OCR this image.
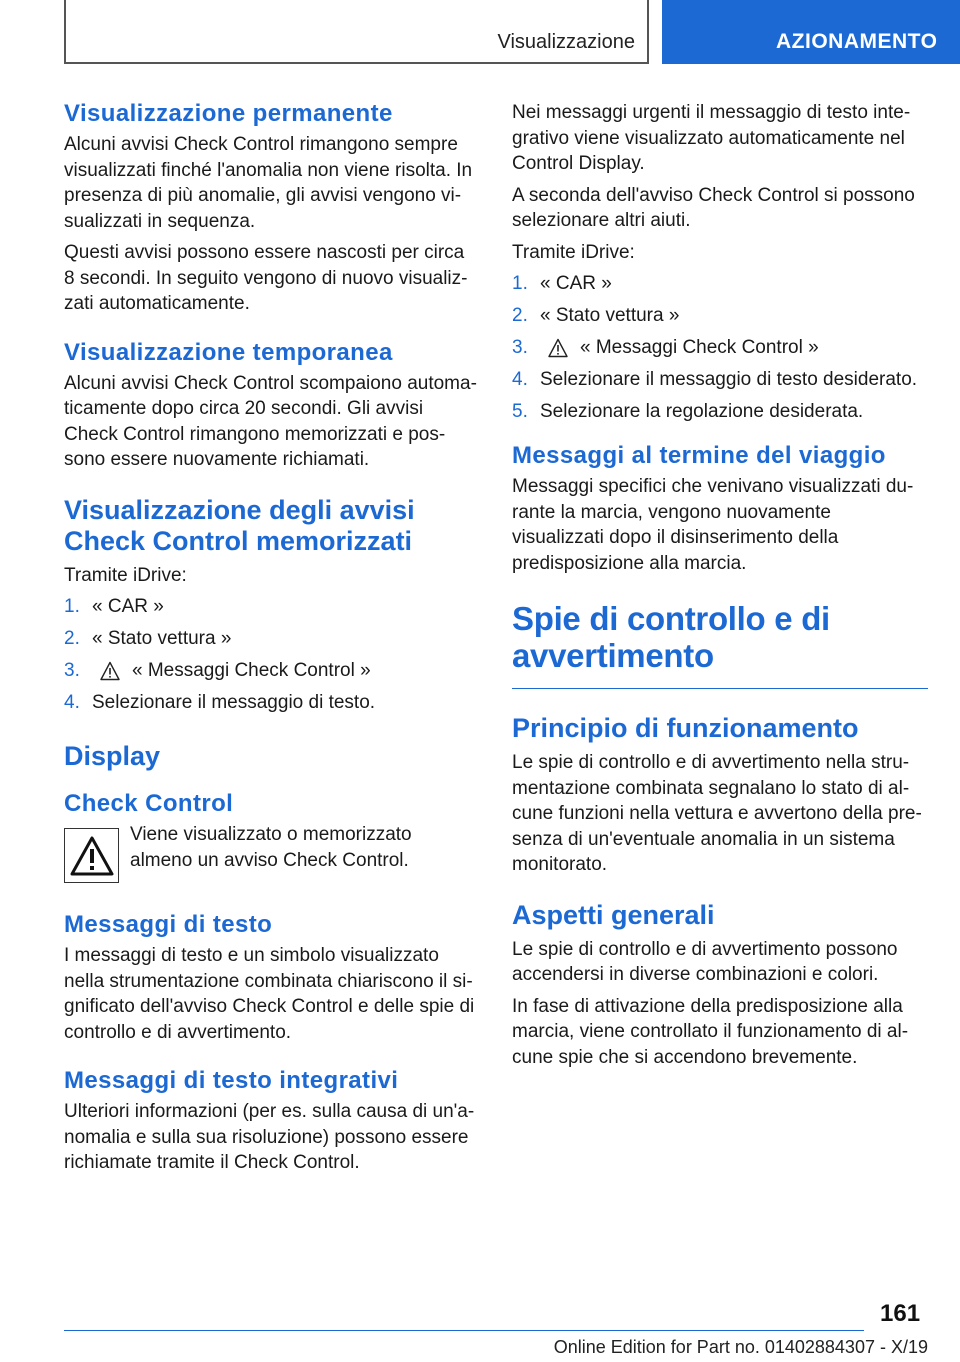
Visualizzazione	AZIONAMENTO
Visualizzazione permanente

Alcuni avvisi Check Control rimangono sempre visualizzati finché l'anomalia non viene risolta. In presenza di più anomalie, gli avvisi vengono visualizzati in sequenza.

Questi avvisi possono essere nascosti per circa 8 secondi. In seguito vengono di nuovo visualizzati automaticamente.

Visualizzazione temporanea

Alcuni avvisi Check Control scompaiono automaticamente dopo circa 20 secondi. Gli avvisi Check Control rimangono memorizzati e possono essere nuovamente richiamati.

Visualizzazione degli avvisi Check Control memorizzati

Tramite iDrive:

1. « CAR »
2. « Stato vettura »
3.	« Messaggi Check Control »
4. Selezionare il messaggio di testo.
Display
Check Control

Viene visualizzato o memorizzato almeno un avviso Check Control.

Messaggi di testo

I messaggi di testo e un simbolo visualizzato nella strumentazione combinata chiariscono il significato dell'avviso Check Control e delle spie di controllo e di avvertimento.

Messaggi di testo integrativi

Ulteriori informazioni (per es. sulla causa di un'anomalia e sulla sua risoluzione) possono essere richiamate tramite il Check Control.

Nei messaggi urgenti il messaggio di testo integrativo viene visualizzato automaticamente nel Control Display.

A seconda dell'avviso Check Control si possono selezionare altri aiuti.

Tramite iDrive:

1. « CAR »
2. « Stato vettura »
3.	« Messaggi Check Control »
4. Selezionare il messaggio di testo desiderato.
5. Selezionare la regolazione desiderata.
Messaggi al termine del viaggio

Messaggi specifici che venivano visualizzati durante la marcia, vengono nuovamente visualizzati dopo il disinserimento della predisposizione alla marcia.

Spie di controllo e di avvertimento
Principio di funzionamento

Le spie di controllo e di avvertimento nella strumentazione combinata segnalano lo stato di alcune funzioni nella vettura e avvertono della presenza di un'eventuale anomalia in un sistema monitorato.

Aspetti generali

Le spie di controllo e di avvertimento possono accendersi in diverse combinazioni e colori.

In fase di attivazione della predisposizione alla marcia, viene controllato il funzionamento di alcune spie che si accendono brevemente.

161
Online Edition for Part no. 01402884307 - X/19
